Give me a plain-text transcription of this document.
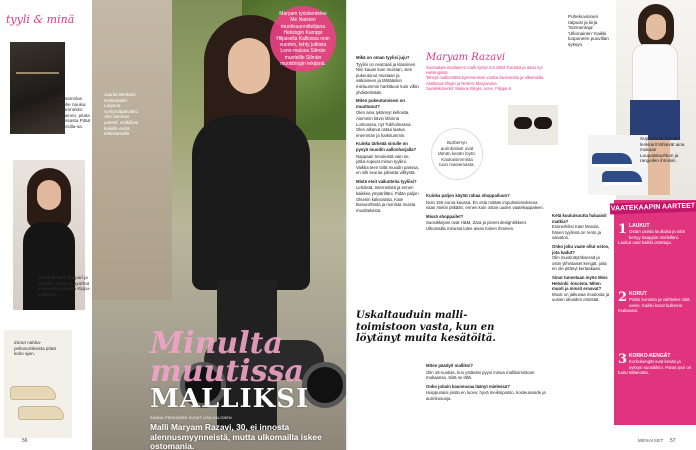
tyyli & minä
Soramolan Bebe naukai Marimekko avainen, pitala gossasta Pitää amisilla-sa.
Ohutkokoinen huppari ja kimallus Olasti ja ayorhat suomalaisuudessa Kippu-malleista.
Zoran nahka-peltosortikoista pitää koko ajan.
Jaanla Berikam Nahkatakki-Lahjana syntymäpäiväksi. Aito lammas paketti, Kaikillani kaikille enää eläkeläiselle.
Maryam työskentelee Me Naisten muotisuunnittelijana Helsingin Kamppi Hiljaisella Kalliossa noin vuoden, tehty julkista Lonn-maissa Silmän muoteille Silmän muotiblogin tekijänä.
Minulta muutissa
MALLIKSI
SANNA PEKKONEN KUVAT LISA VALONEN
Malli Maryam Razavi, 30, ei innosta alennusmyynneistä, mutta ulkomailla iskee ostomania.
56
Mikä on oman tyylisi juju?
Tyylini on neutraali ja klassinen. Niin kauan kuin muistan, olen pukeutunut mustaan ja valkoiseen ja tähtäänkin mieluummin harkittuun kuin villiin yhdistelmään.
Miten pukeutumisesi on muuttunut?
Olen aina tykännyt kelloista. Aiemmin kävin lähinnä Lontoossa, nyt Tukholmassa. Olen alkanut ostaa laatua enemmän ja harkitummin.
Kuinka tärkeää sinulle on pysyä muodin aallonharjalla?
Nappaan trendeistä vain ne, jotka sopivat minun tyyliini. Vaikka teen töitä muodin parissa, en silti seuraa jokaista villitystä.
Mistä etsit vaikutteita tyyliisi?
Lehdistä, Internetistä ja ennen kaikkea ympäriltäni. Pidän paljon Olsenin kaksosista, Kate Bosworthista ja monista muista muotitaloista.
Maryam Razavi
Suomalais-iranilainen malli syntyi 4.8.1983 Turussa ja asuu nyt Helsingissä.
Tehnyt malliontöitä kymmenisen vuotta Suomessa ja ulkomailla.
Aloittanut blogin ja Netti-tv Maryamina.
Suosikkimerkit: Malene Birger, Acne, Filippa K.
Burberryn aurinkolasit ovat tämän kesän löytö. Kaukaisimmista tuon maisemasta.
Kuinka paljon käytät rahaa shoppailuun?
Noin 150 euroa kuussa. En osta mitään impulssiostoksena vaan mietin pitkään, ennen kuin ostan uuden vaatekappaleen.
Missä shoppailet?
Suosikkejani ovat H&M, Zara ja pienet designliikkeet. Ulkomailla minusta tulee aivan toinen ihminen.
Uskaltauduin malli- toimistoon vasta, kun en löytänyt muita kesätöitä.
Miten päädyit malliksi?
Olin 16-vuotias, kun ystäväni pyysi minua mallitoimistoon mukaansa. Siitä se lähti.
Onko joitain kauneusaa läänyt mielessä?
Huippunaisi joista en luovu: hyvä meikinpoisto, kosteusvoide ja aurinkosuoja.
Puhekuvioinen ratpuisi ja kirja 'Sormentaja' 'Ulkonainen' Kaikki luopuneen puuvillan syksyn.
Superstarin tennarit lenkkarit lähtevät aina mukaan Luupaisitauhkun ja rangeilen ihmisiin.
Ketä kuuluisuutta haluaisit matkia?
Esimerkiksi Kate Mossia, hänen tyylinsä on rento ja vaivaton.
Onko joku vaate ollut ostos, jota kadut?
Olin muotinäytöksessä ja ostin ylihintaiset kengät, joita en ole pitänyt kertaakaan.
Sinut tunnetaan myös Miss Helsinki -kisoista. Miten muoti ja missit eroavat?
Muoti on jatkuvaa muutosta ja uusien ideoiden etsintää.
VAATEKAAPIN AARTEET
1 LAUKUT
Ostan useita lauikoita ja niitä kertyy kaappiin mielelläni. Laukut ovat kaikki ostettuja.
2 KORUT
Pidän koruista ja vaihtelen niitä usein. Kaikki korut kulkevat mukanani.
3 KORKO-KENGÄT
Korkokengät ovat kesän ja syksyn suosikkini. Paras pari on tuotu Milanosta.
MENAISET 57
